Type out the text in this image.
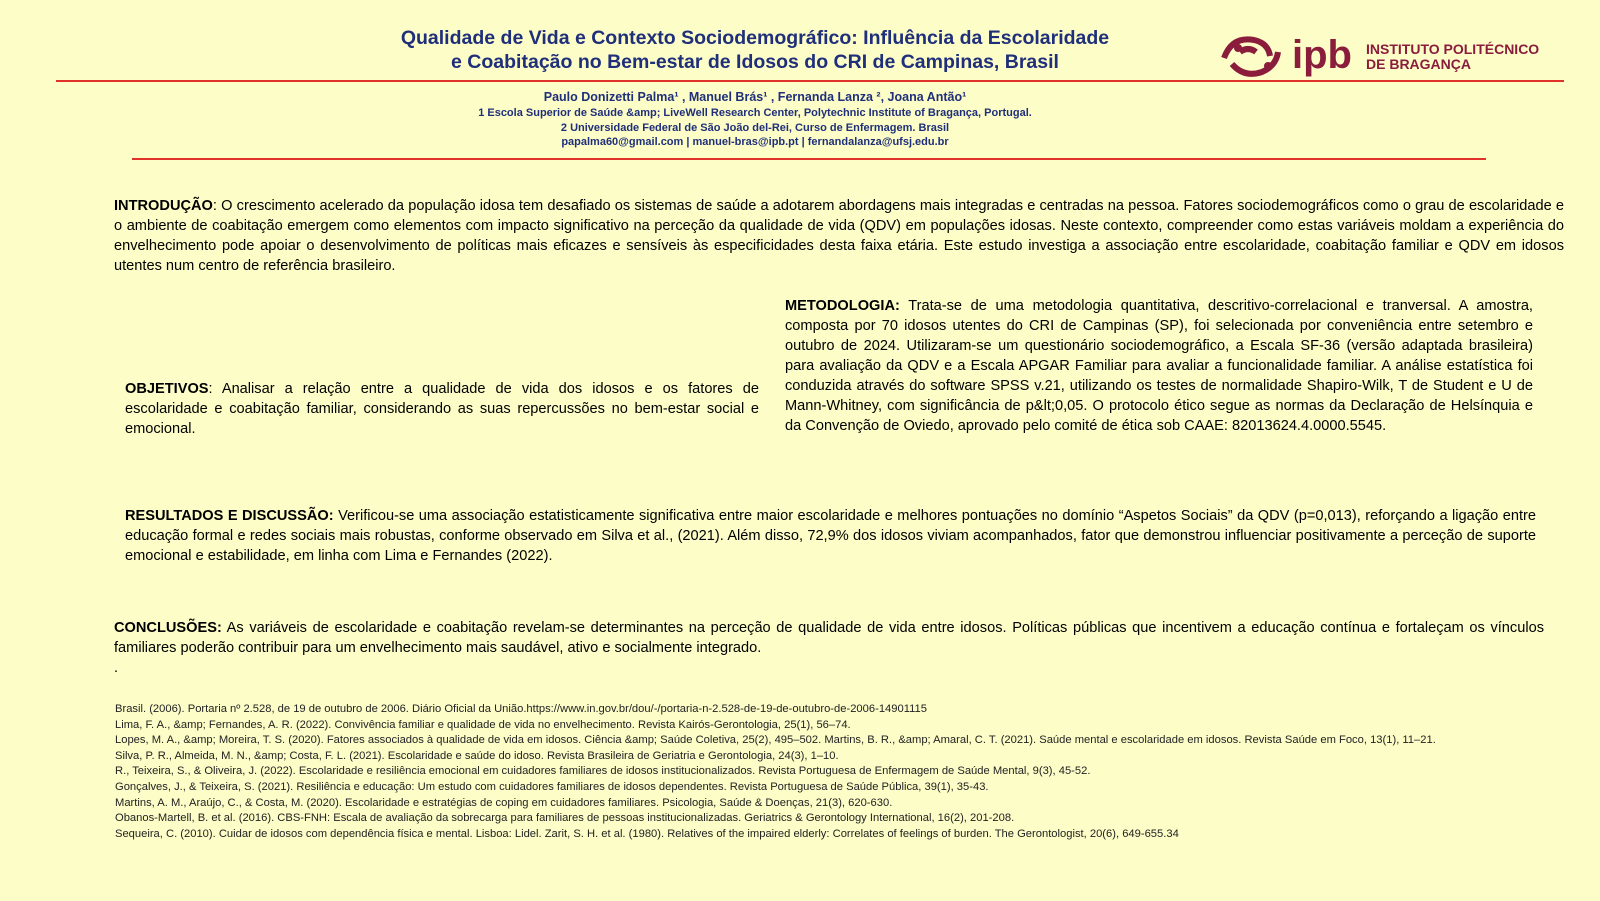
Qualidade de Vida e Contexto Sociodemográfico: Influência da Escolaridade
e Coabitação no Bem-estar de Idosos do CRI de Campinas, Brasil	ipb INSTITUTO POLITÉCNICO
DE BRAGANÇA
Paulo Donizetti Palma¹ , Manuel Brás¹ , Fernanda Lanza ², Joana Antão¹
1 Escola Superior de Saúde &amp; LiveWell Research Center, Polytechnic Institute of Bragança, Portugal.
2 Universidade Federal de São João del-Rei, Curso de Enfermagem. Brasil
papalma60@gmail.com | manuel-bras@ipb.pt | fernandalanza@ufsj.edu.br
INTRODUÇÃO: O crescimento acelerado da população idosa tem desafiado os sistemas de saúde a adotarem abordagens mais integradas e centradas na pessoa. Fatores sociodemográficos como o grau de escolaridade e o ambiente de coabitação emergem como elementos com impacto significativo na perceção da qualidade de vida (QDV) em populações idosas. Neste contexto, compreender como estas variáveis moldam a experiência do envelhecimento pode apoiar o desenvolvimento de políticas mais eficazes e sensíveis às especificidades desta faixa etária. Este estudo investiga a associação entre escolaridade, coabitação familiar e QDV em idosos utentes num centro de referência brasileiro.
OBJETIVOS: Analisar a relação entre a qualidade de vida dos idosos e os fatores de escolaridade e coabitação familiar, considerando as suas repercussões no bem-estar social e emocional.
METODOLOGIA: Trata-se de uma metodologia quantitativa, descritivo-correlacional e tranversal. A amostra, composta por 70 idosos utentes do CRI de Campinas (SP), foi selecionada por conveniência entre setembro e outubro de 2024. Utilizaram-se um questionário sociodemográfico, a Escala SF-36 (versão adaptada brasileira) para avaliação da QDV e a Escala APGAR Familiar para avaliar a funcionalidade familiar. A análise estatística foi conduzida através do software SPSS v.21, utilizando os testes de normalidade Shapiro-Wilk, T de Student e U de Mann-Whitney, com significância de p&lt;0,05. O protocolo ético segue as normas da Declaração de Helsínquia e da Convenção de Oviedo, aprovado pelo comité de ética sob CAAE: 82013624.4.0000.5545.
RESULTADOS E DISCUSSÃO: Verificou-se uma associação estatisticamente significativa entre maior escolaridade e melhores pontuações no domínio “Aspetos Sociais” da QDV (p=0,013), reforçando a ligação entre educação formal e redes sociais mais robustas, conforme observado em Silva et al., (2021). Além disso, 72,9% dos idosos viviam acompanhados, fator que demonstrou influenciar positivamente a perceção de suporte emocional e estabilidade, em linha com Lima e Fernandes (2022).
CONCLUSÕES: As variáveis de escolaridade e coabitação revelam-se determinantes na perceção de qualidade de vida entre idosos. Políticas públicas que incentivem a educação contínua e fortaleçam os vínculos familiares poderão contribuir para um envelhecimento mais saudável, ativo e socialmente integrado.
.
Brasil. (2006). Portaria nº 2.528, de 19 de outubro de 2006. Diário Oficial da União.https://www.in.gov.br/dou/-/portaria-n-2.528-de-19-de-outubro-de-2006-14901115
Lima, F. A., &amp; Fernandes, A. R. (2022). Convivência familiar e qualidade de vida no envelhecimento. Revista Kairós-Gerontologia, 25(1), 56–74.
Lopes, M. A., &amp; Moreira, T. S. (2020). Fatores associados à qualidade de vida em idosos. Ciência &amp; Saúde Coletiva, 25(2), 495–502. Martins, B. R., &amp; Amaral, C. T. (2021). Saúde mental e escolaridade em idosos. Revista Saúde em Foco, 13(1), 11–21.
Silva, P. R., Almeida, M. N., &amp; Costa, F. L. (2021). Escolaridade e saúde do idoso. Revista Brasileira de Geriatria e Gerontologia, 24(3), 1–10.
R., Teixeira, S., & Oliveira, J. (2022). Escolaridade e resiliência emocional em cuidadores familiares de idosos institucionalizados. Revista Portuguesa de Enfermagem de Saúde Mental, 9(3), 45-52.
Gonçalves, J., & Teixeira, S. (2021). Resiliência e educação: Um estudo com cuidadores familiares de idosos dependentes. Revista Portuguesa de Saúde Pública, 39(1), 35-43.
Martins, A. M., Araújo, C., & Costa, M. (2020). Escolaridade e estratégias de coping em cuidadores familiares. Psicologia, Saúde & Doenças, 21(3), 620-630.
Obanos-Martell, B. et al. (2016). CBS-FNH: Escala de avaliação da sobrecarga para familiares de pessoas institucionalizadas. Geriatrics & Gerontology International, 16(2), 201-208.
Sequeira, C. (2010). Cuidar de idosos com dependência física e mental. Lisboa: Lidel. Zarit, S. H. et al. (1980). Relatives of the impaired elderly: Correlates of feelings of burden. The Gerontologist, 20(6), 649-655.34
